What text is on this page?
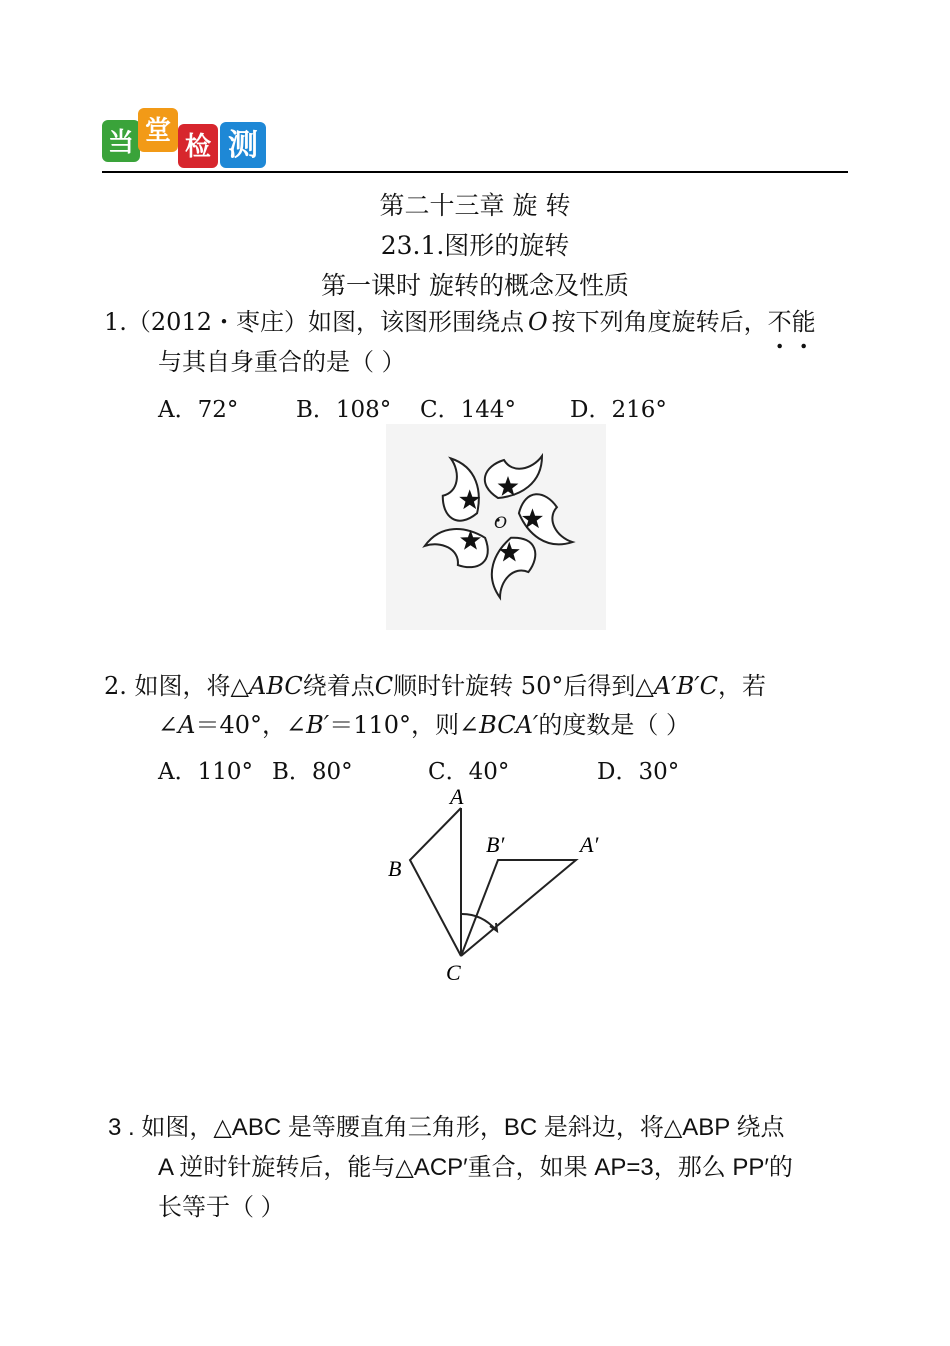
当 堂
检 测
第二十三章 旋 转
23.1.图形的旋转
第一课时 旋转的概念及性质
1.（2012・枣庄）如图，该图形围绕点 O 按下列角度旋转后，不能
与其自身重合的是（ ）
A．72°	B．108° C．144° D．216°
O
2. 如图，将△ABC绕着点C顺时针旋转 50°后得到△A′B′C，若
∠A＝40°，∠B′＝110°，则∠BCA′的度数是（ ）
A．110° B．80°	C．40°	D．30°
A
B
C
B′	A′
3 . 如图，△ABC 是等腰直角三角形，BC 是斜边，将△ABP 绕点
A 逆时针旋转后，能与△ACP′重合，如果 AP=3，那么 PP′的
长等于（ ）
